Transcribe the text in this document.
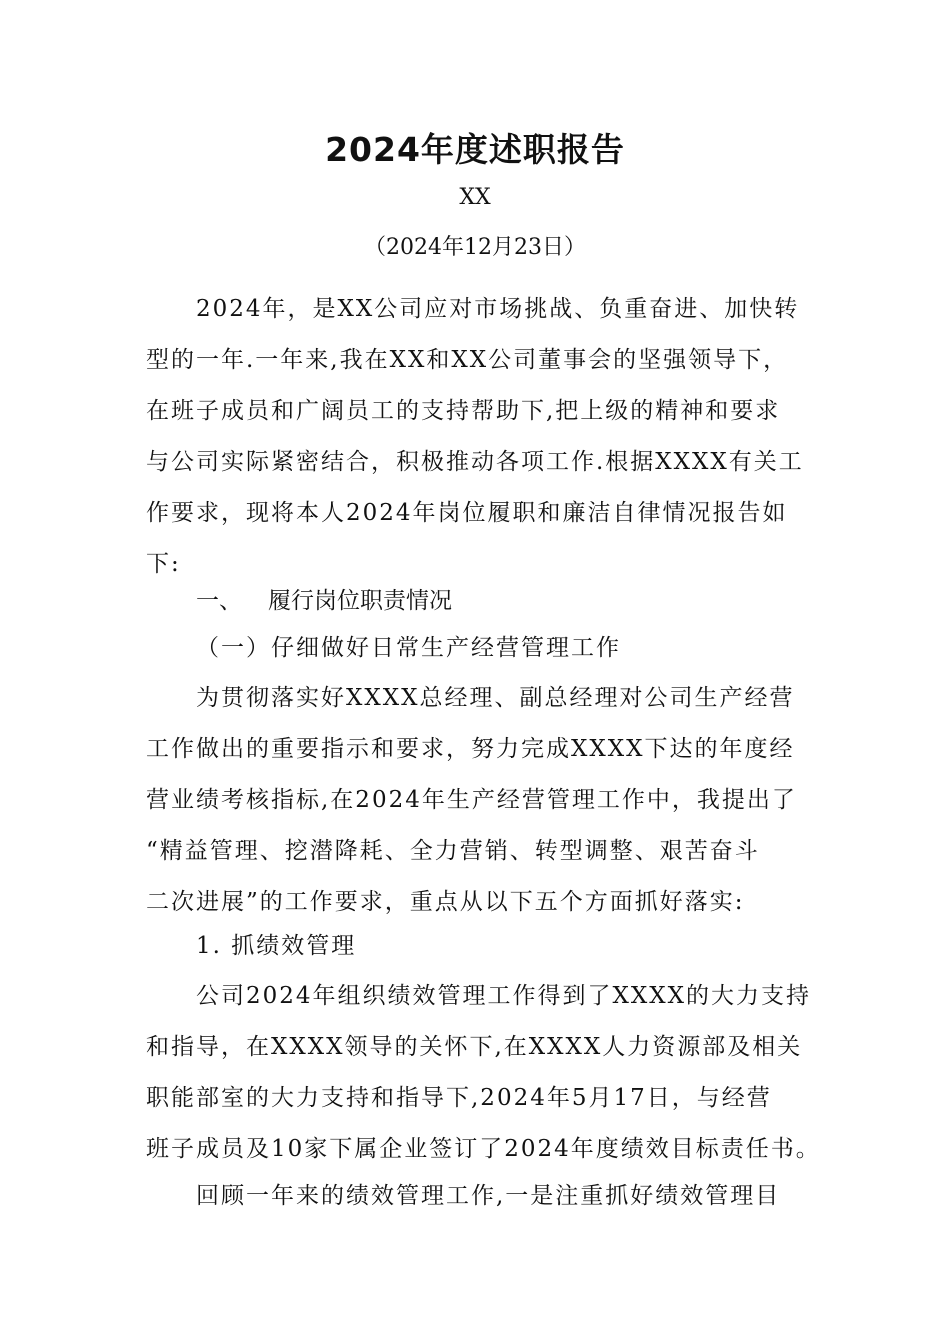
2024年度述职报告
XX
（2024年12月23日）
2024年，是XX公司应对市场挑战、负重奋进、加快转
型的一年.一年来,我在XX和XX公司董事会的坚强领导下，
在班子成员和广阔员工的支持帮助下,把上级的精神和要求
与公司实际紧密结合，积极推动各项工作.根据XXXX有关工
作要求，现将本人2024年岗位履职和廉洁自律情况报告如
下:
一、 履行岗位职责情况
（一）仔细做好日常生产经营管理工作
为贯彻落实好XXXX总经理、副总经理对公司生产经营
工作做出的重要指示和要求，努力完成XXXX下达的年度经
营业绩考核指标,在2024年生产经营管理工作中，我提出了
“精益管理、挖潜降耗、全力营销、转型调整、艰苦奋斗
二次进展”的工作要求，重点从以下五个方面抓好落实:
1. 抓绩效管理
公司2024年组织绩效管理工作得到了XXXX的大力支持
和指导，在XXXX领导的关怀下,在XXXX人力资源部及相关
职能部室的大力支持和指导下,2024年5月17日，与经营
班子成员及10家下属企业签订了2024年度绩效目标责任书。
回顾一年来的绩效管理工作,一是注重抓好绩效管理目
